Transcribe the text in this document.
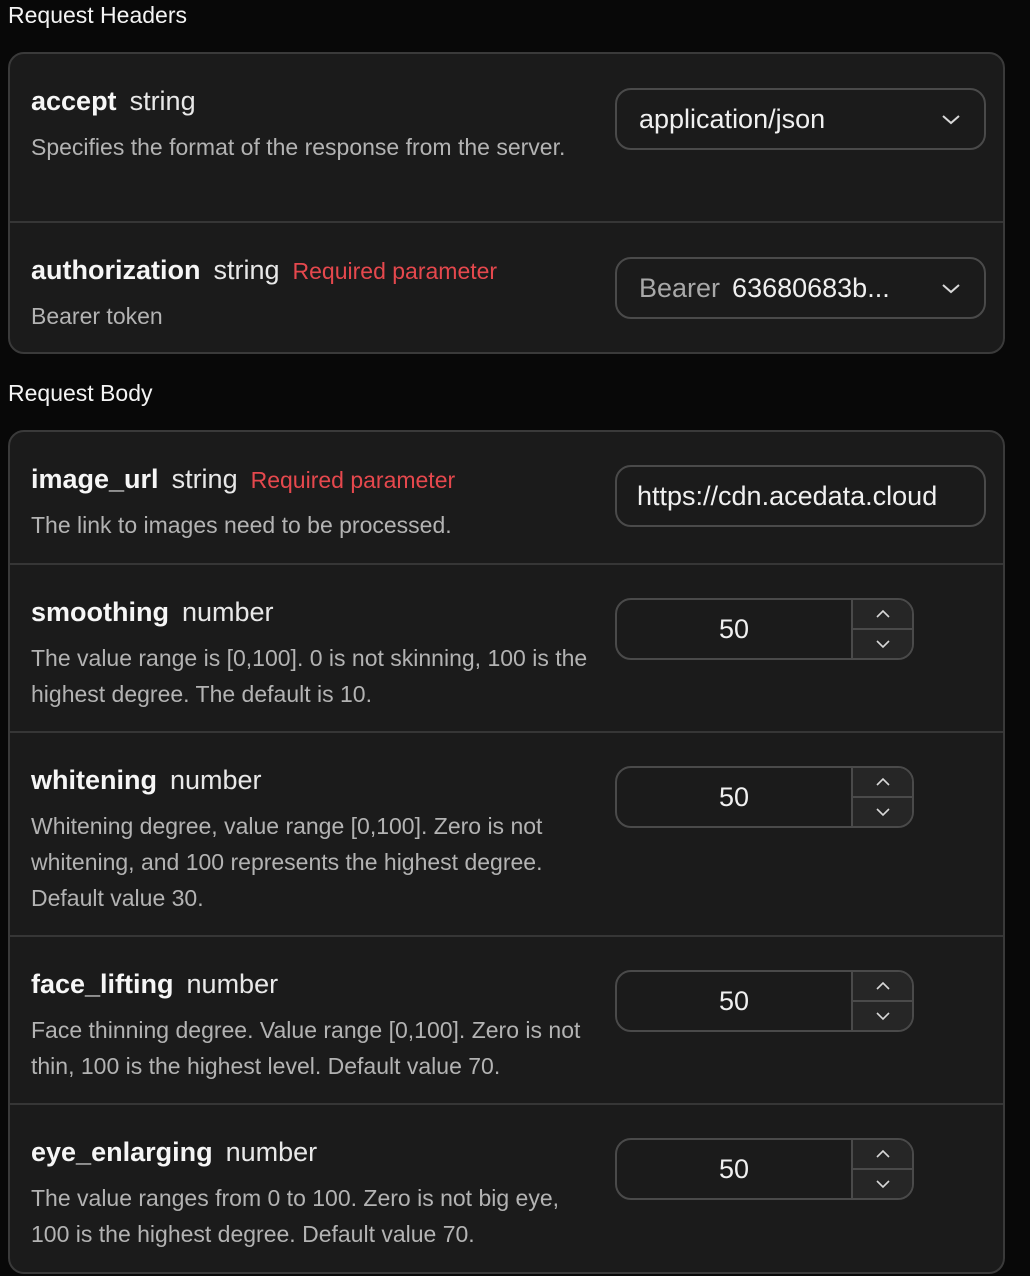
Request Headers
accept string
Specifies the format of the response from the server.
application/json
authorization string Required parameter
Bearer token
Bearer 63680683b...
Request Body
image_url string Required parameter
The link to images need to be processed.
https://cdn.acedata.cloud
smoothing number
The value range is [0,100]. 0 is not skinning, 100 is the highest degree. The default is 10.
50
whitening number
Whitening degree, value range [0,100]. Zero is not whitening, and 100 represents the highest degree. Default value 30.
50
face_lifting number
Face thinning degree. Value range [0,100]. Zero is not thin, 100 is the highest level. Default value 70.
50
eye_enlarging number
The value ranges from 0 to 100. Zero is not big eye, 100 is the highest degree. Default value 70.
50
